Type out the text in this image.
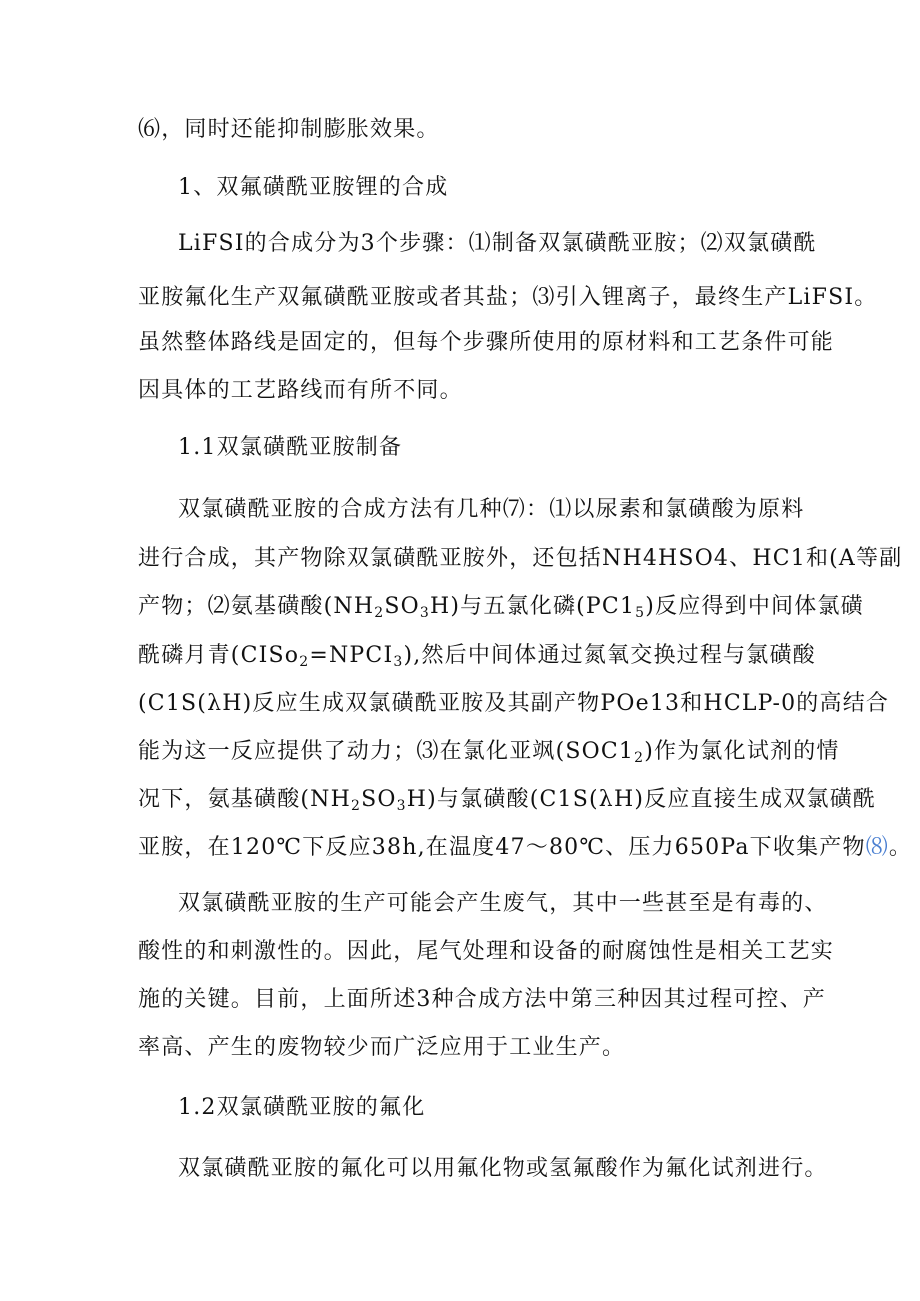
⑹，同时还能抑制膨胀效果。
1、双氟磺酰亚胺锂的合成
LiFSI的合成分为3个步骤：⑴制备双氯磺酰亚胺；⑵双氯磺酰
亚胺氟化生产双氟磺酰亚胺或者其盐；⑶引入锂离子，最终生产LiFSI。
虽然整体路线是固定的，但每个步骤所使用的原材料和工艺条件可能
因具体的工艺路线而有所不同。
1.1双氯磺酰亚胺制备
双氯磺酰亚胺的合成方法有几种⑺：⑴以尿素和氯磺酸为原料
进行合成，其产物除双氯磺酰亚胺外，还包括NH4HSO4、HC1和(A等副
产物；⑵氨基磺酸$(NH_2SO_3H)$与五氯化磷$(PC1_5)$反应得到中间体氯磺
酰磷月青$(CISo_2=NPCI_3)$,然后中间体通过氮氧交换过程与氯磺酸
(C1S(λH)反应生成双氯磺酰亚胺及其副产物POe13和HCLP-0的高结合
能为这一反应提供了动力；⑶在氯化亚飒$(SOC1_2)$作为氯化试剂的情
况下，氨基磺酸$(NH_2SO_3H)$与氯磺酸(C1S(λH)反应直接生成双氯磺酰
亚胺，在120℃下反应38h,在温度47～80℃、压力650Pa下收集产物⑻。
双氯磺酰亚胺的生产可能会产生废气，其中一些甚至是有毒的、
酸性的和刺激性的。因此，尾气处理和设备的耐腐蚀性是相关工艺实
施的关键。目前，上面所述3种合成方法中第三种因其过程可控、产
率高、产生的废物较少而广泛应用于工业生产。
1.2双氯磺酰亚胺的氟化
双氯磺酰亚胺的氟化可以用氟化物或氢氟酸作为氟化试剂进行。
